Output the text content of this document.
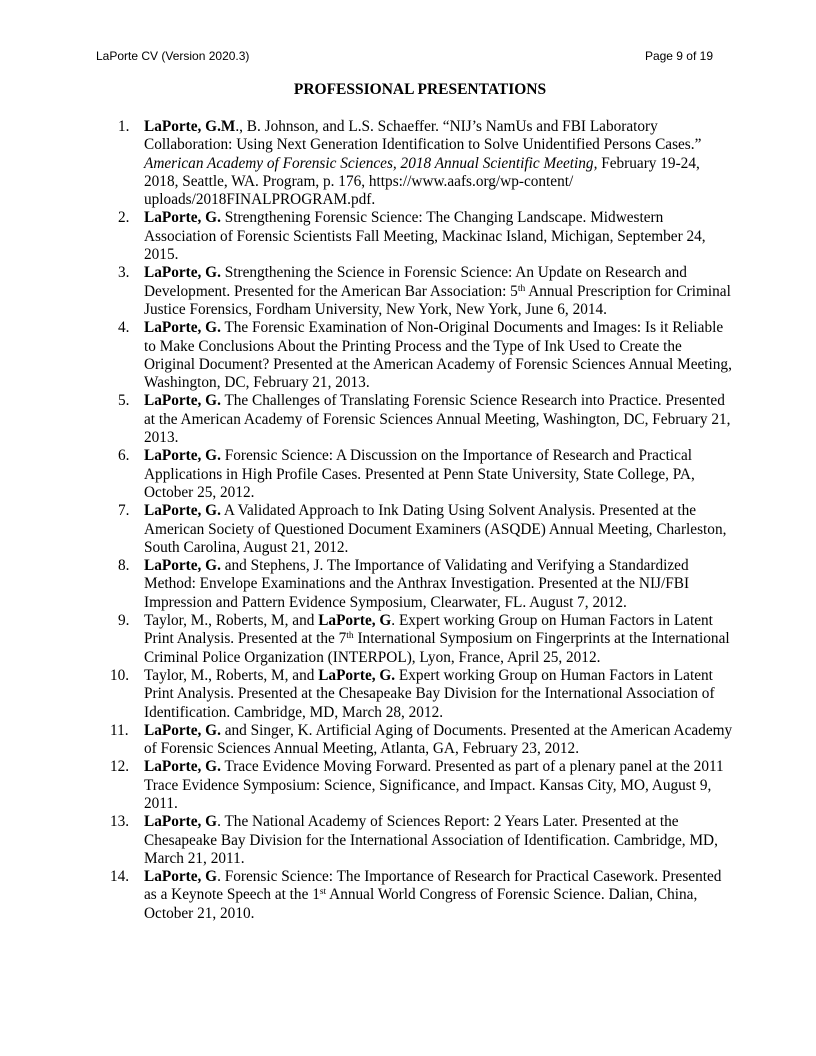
LaPorte CV (Version 2020.3)	Page 9 of 19
PROFESSIONAL PRESENTATIONS
1. LaPorte, G.M., B. Johnson, and L.S. Schaeffer. “NIJ’s NamUs and FBI Laboratory Collaboration: Using Next Generation Identification to Solve Unidentified Persons Cases.” American Academy of Forensic Sciences, 2018 Annual Scientific Meeting, February 19-24, 2018, Seattle, WA. Program, p. 176, https://www.aafs.org/wp-content/ uploads/2018FINALPROGRAM.pdf.
2. LaPorte, G. Strengthening Forensic Science: The Changing Landscape. Midwestern Association of Forensic Scientists Fall Meeting, Mackinac Island, Michigan, September 24, 2015.
3. LaPorte, G. Strengthening the Science in Forensic Science: An Update on Research and Development. Presented for the American Bar Association: 5th Annual Prescription for Criminal Justice Forensics, Fordham University, New York, New York, June 6, 2014.
4. LaPorte, G. The Forensic Examination of Non-Original Documents and Images: Is it Reliable to Make Conclusions About the Printing Process and the Type of Ink Used to Create the Original Document? Presented at the American Academy of Forensic Sciences Annual Meeting, Washington, DC, February 21, 2013.
5. LaPorte, G. The Challenges of Translating Forensic Science Research into Practice. Presented at the American Academy of Forensic Sciences Annual Meeting, Washington, DC, February 21, 2013.
6. LaPorte, G. Forensic Science: A Discussion on the Importance of Research and Practical Applications in High Profile Cases. Presented at Penn State University, State College, PA, October 25, 2012.
7. LaPorte, G. A Validated Approach to Ink Dating Using Solvent Analysis. Presented at the American Society of Questioned Document Examiners (ASQDE) Annual Meeting, Charleston, South Carolina, August 21, 2012.
8. LaPorte, G. and Stephens, J. The Importance of Validating and Verifying a Standardized Method: Envelope Examinations and the Anthrax Investigation. Presented at the NIJ/FBI Impression and Pattern Evidence Symposium, Clearwater, FL. August 7, 2012.
9. Taylor, M., Roberts, M, and LaPorte, G. Expert working Group on Human Factors in Latent Print Analysis. Presented at the 7th International Symposium on Fingerprints at the International Criminal Police Organization (INTERPOL), Lyon, France, April 25, 2012.
10. Taylor, M., Roberts, M, and LaPorte, G. Expert working Group on Human Factors in Latent Print Analysis. Presented at the Chesapeake Bay Division for the International Association of Identification. Cambridge, MD, March 28, 2012.
11. LaPorte, G. and Singer, K. Artificial Aging of Documents. Presented at the American Academy of Forensic Sciences Annual Meeting, Atlanta, GA, February 23, 2012.
12. LaPorte, G. Trace Evidence Moving Forward. Presented as part of a plenary panel at the 2011 Trace Evidence Symposium: Science, Significance, and Impact. Kansas City, MO, August 9, 2011.
13. LaPorte, G. The National Academy of Sciences Report: 2 Years Later. Presented at the Chesapeake Bay Division for the International Association of Identification. Cambridge, MD, March 21, 2011.
14. LaPorte, G. Forensic Science: The Importance of Research for Practical Casework. Presented as a Keynote Speech at the 1st Annual World Congress of Forensic Science. Dalian, China, October 21, 2010.
